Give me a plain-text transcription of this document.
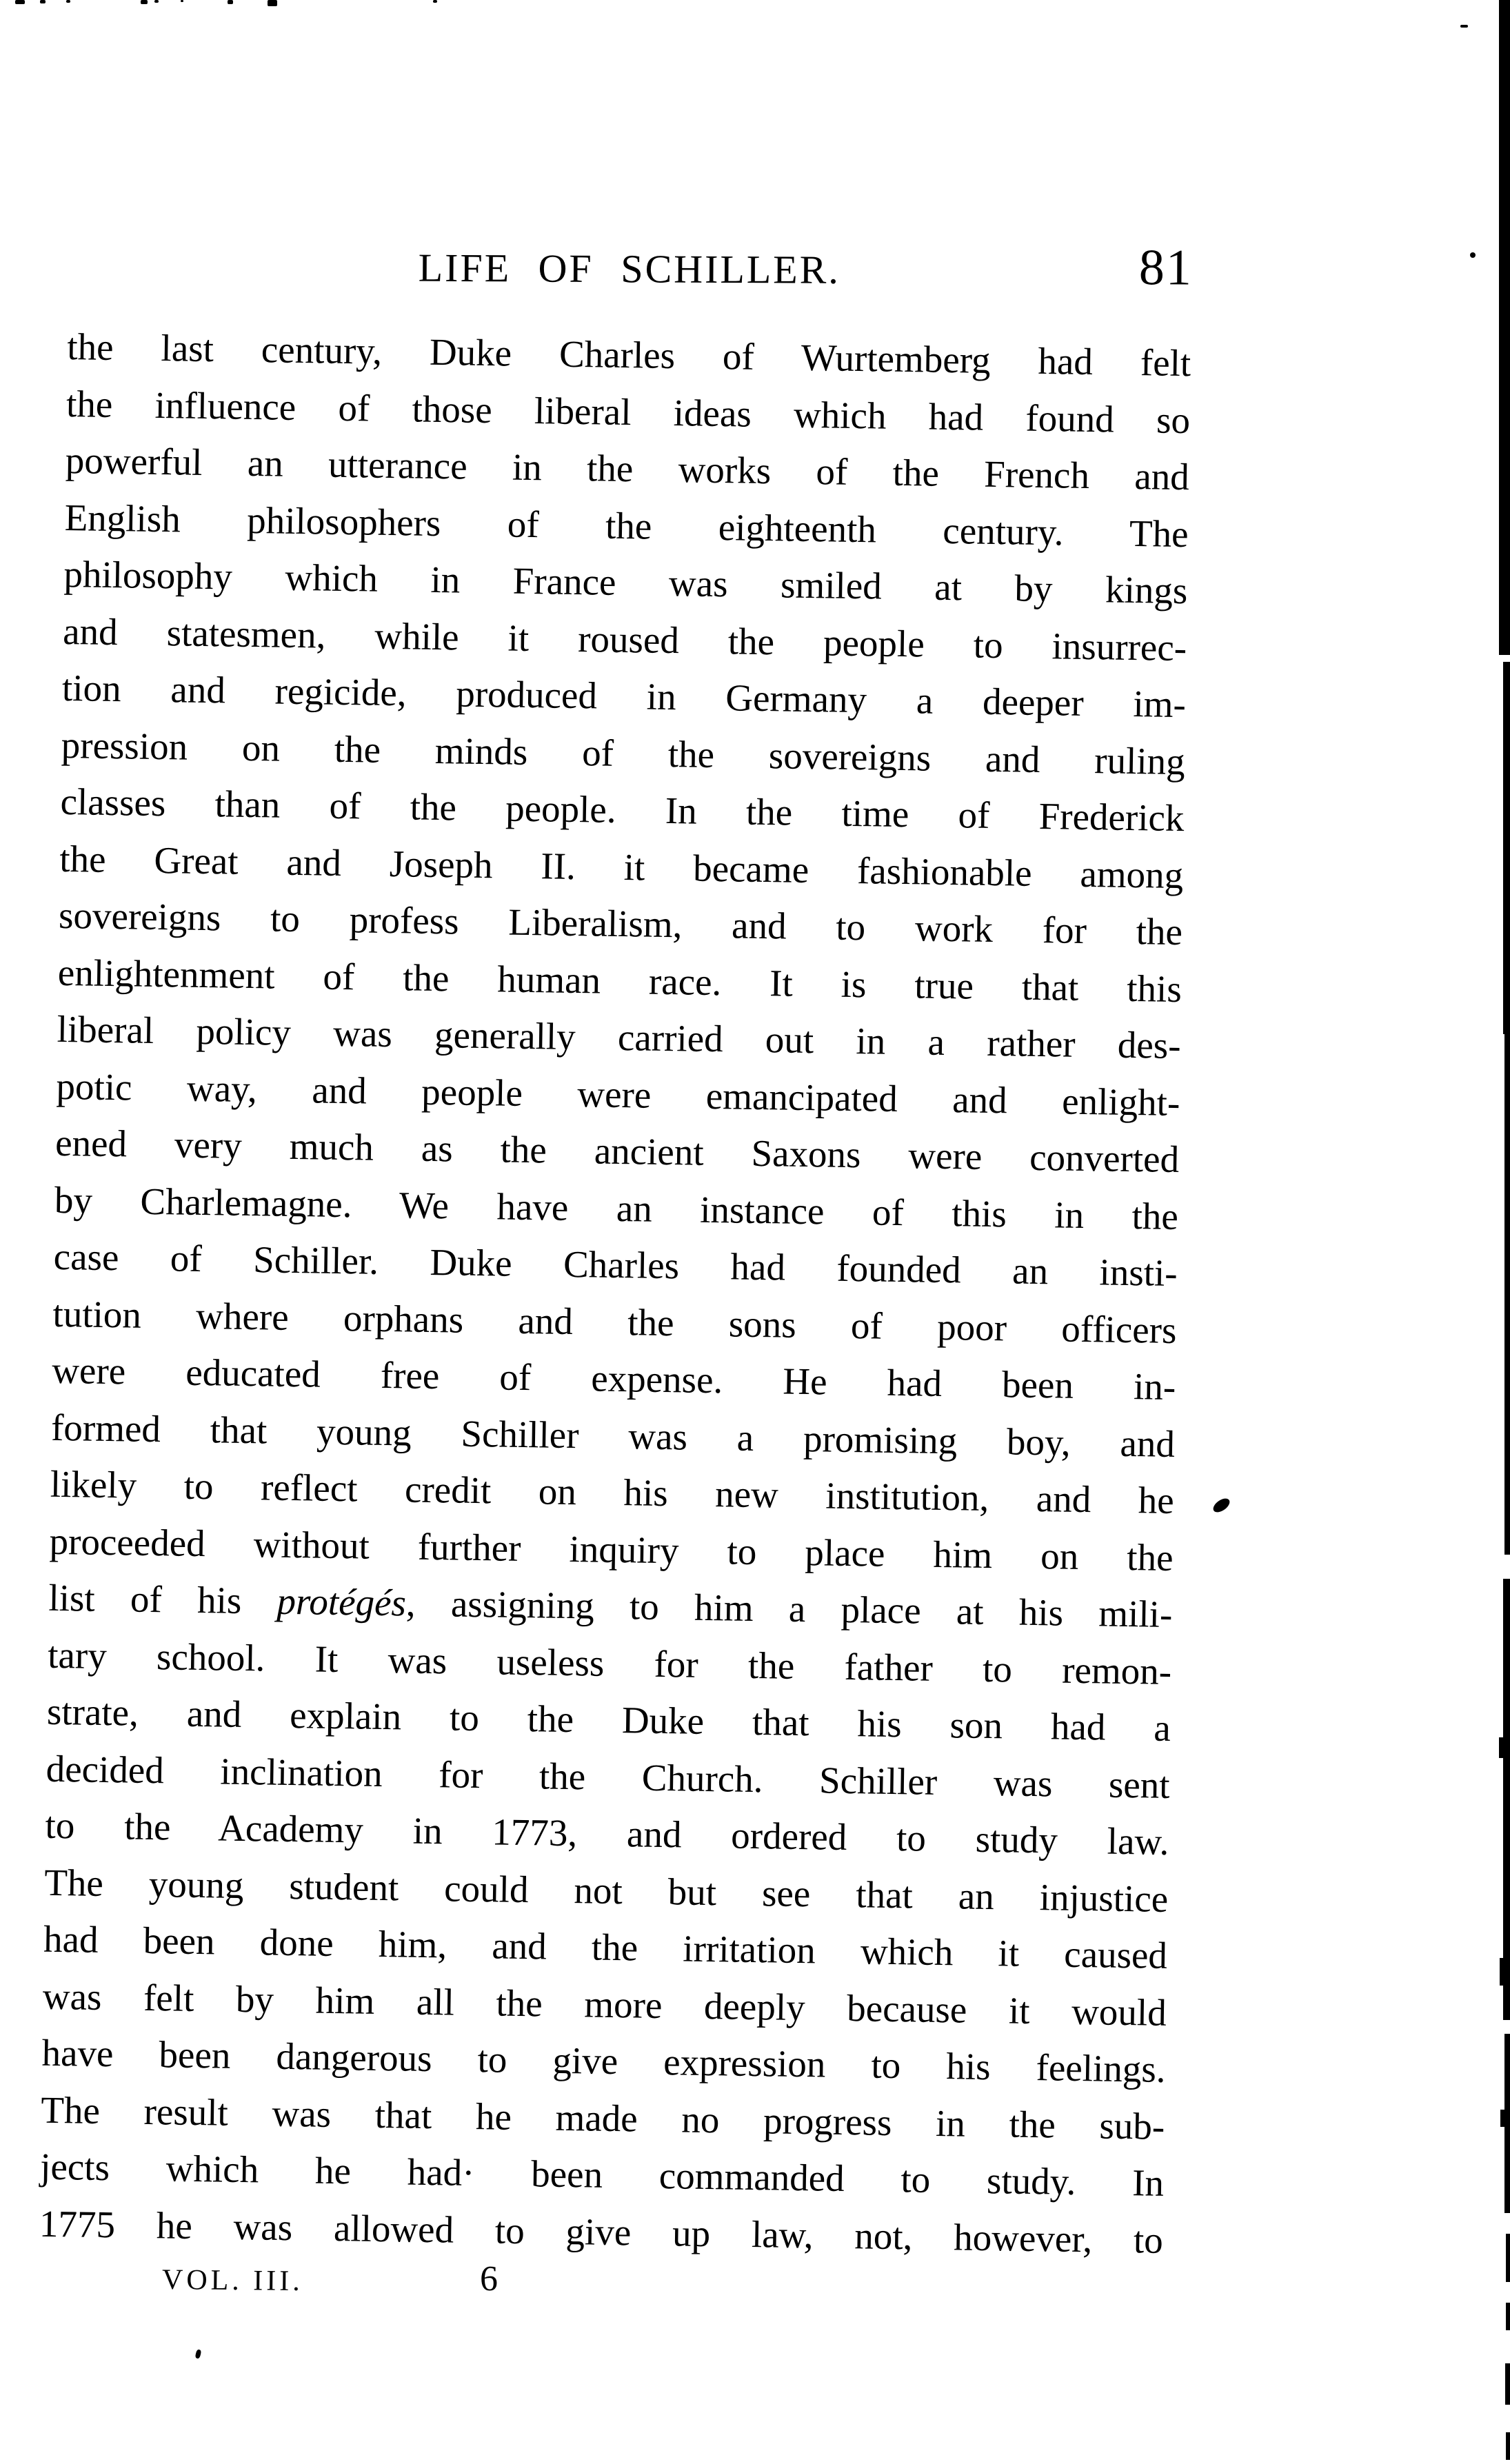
LIFE OF SCHILLER.	81
the last century, Duke Charles of Wurtemberg had felt
the influence of those liberal ideas which had found so
powerful an utterance in the works of the French and
English philosophers of the eighteenth century. The
philosophy which in France was smiled at by kings
and statesmen, while it roused the people to insurrec-
tion and regicide, produced in Germany a deeper im-
pression on the minds of the sovereigns and ruling
classes than of the people. In the time of Frederick
the Great and Joseph II. it became fashionable among
sovereigns to profess Liberalism, and to work for the
enlightenment of the human race. It is true that this
liberal policy was generally carried out in a rather des-
potic way, and people were emancipated and enlight-
ened very much as the ancient Saxons were converted
by Charlemagne. We have an instance of this in the
case of Schiller. Duke Charles had founded an insti-
tution where orphans and the sons of poor officers
were educated free of expense. He had been in-
formed that young Schiller was a promising boy, and
likely to reflect credit on his new institution, and he
proceeded without further inquiry to place him on the
list of his protégés, assigning to him a place at his mili-
tary school. It was useless for the father to remon-
strate, and explain to the Duke that his son had a
decided inclination for the Church. Schiller was sent
to the Academy in 1773, and ordered to study law.
The young student could not but see that an injustice
had been done him, and the irritation which it caused
was felt by him all the more deeply because it would
have been dangerous to give expression to his feelings.
The result was that he made no progress in the sub-
jects which he had· been commanded to study. In
1775 he was allowed to give up law, not, however, to
VOL. III.	6
